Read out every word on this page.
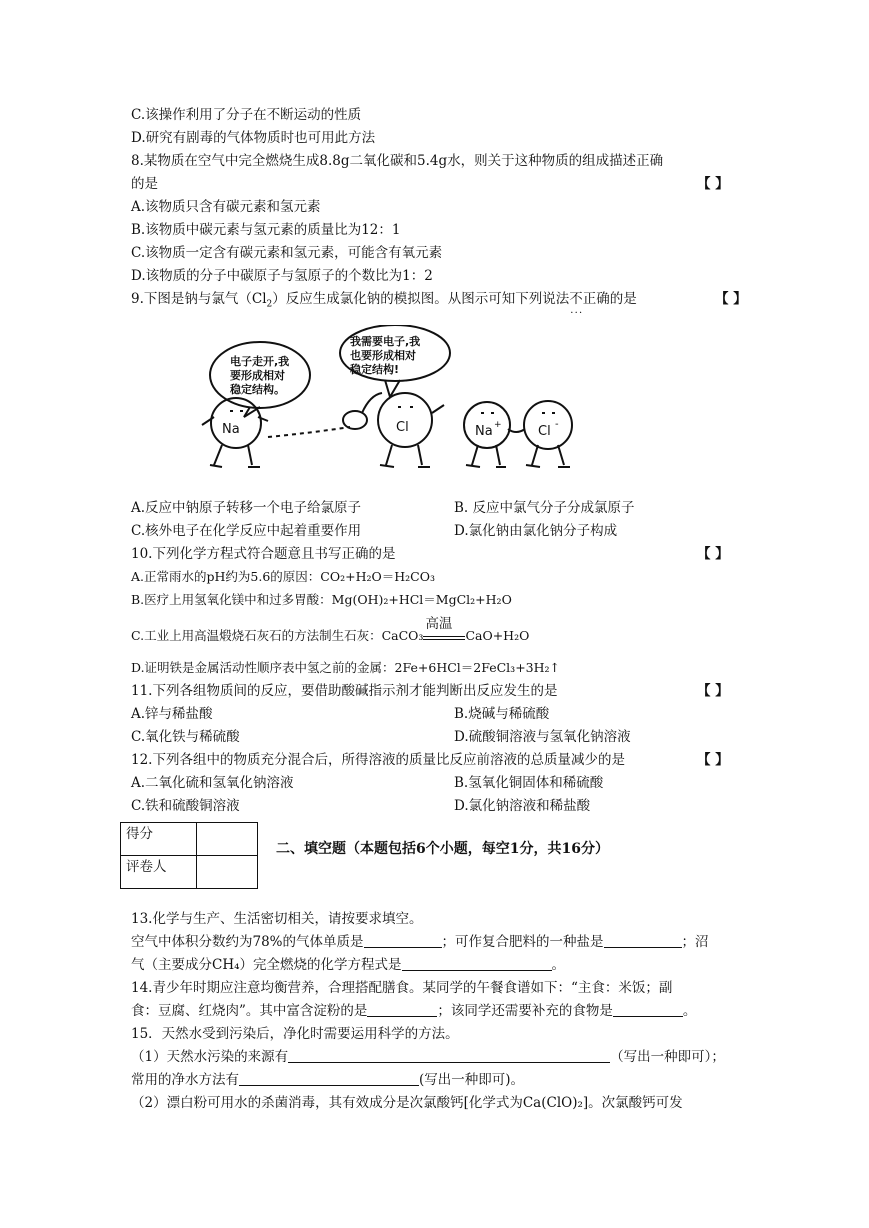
C.该操作利用了分子在不断运动的性质
D.研究有剧毒的气体物质时也可用此方法
8.某物质在空气中完全燃烧生成8.8g二氧化碳和5.4g水，则关于这种物质的组成描述正确
的是	【 】
A.该物质只含有碳元素和氢元素
B.该物质中碳元素与氢元素的质量比为12：1
C.该物质一定含有碳元素和氢元素，可能含有氧元素
D.该物质的分子中碳原子与氢原子的个数比为1：2
9.下图是钠与氯气$(Cl_2)$反应生成氯化钠的模拟图。从图示可知下列说法不正确 · · ·的是	【 】
电子走开,我
要形成相对
稳定结构。
我需要电子,我
也要形成相对
稳定结构!
Na	Cl	Na +	Cl -
A.反应中钠原子转移一个电子给氯原子	B. 反应中氯气分子分成氯原子
C.核外电子在化学反应中起着重要作用	D.氯化钠由氯化钠分子构成
10.下列化学方程式符合题意且书写正确的是	【 】
A.正常雨水的pH约为5.6的原因：CO₂+H₂O＝H₂CO₃
B.医疗上用氢氧化镁中和过多胃酸：Mg(OH)₂+HCl＝MgCl₂+H₂O
C.工业上用高温煅烧石灰石的方法制生石灰：CaCO₃
高温
CaO+H₂O
D.证明铁是金属活动性顺序表中氢之前的金属：2Fe+6HCl＝2FeCl₃+3H₂↑
11.下列各组物质间的反应，要借助酸碱指示剂才能判断出反应发生的是	【 】
A.锌与稀盐酸	B.烧碱与稀硫酸
C.氧化铁与稀硫酸	D.硫酸铜溶液与氢氧化钠溶液
12.下列各组中的物质充分混合后，所得溶液的质量比反应前溶液的总质量减少的是	【 】
A.二氧化硫和氢氧化钠溶液	B.氢氧化铜固体和稀硫酸
C.铁和硫酸铜溶液	D.氯化钠溶液和稀盐酸
得分	
评卷人	
二、填空题（本题包括6个小题，每空1分，共16分）
13.化学与生产、生活密切相关，请按要求填空。
空气中体积分数约为78%的气体单质是	；可作复合肥料的一种盐是	；沼
气（主要成分CH₄）完全燃烧的化学方程式是	。
14.青少年时期应注意均衡营养，合理搭配膳食。某同学的午餐食谱如下：“主食：米饭；副
食：豆腐、红烧肉”。其中富含淀粉的是	；该同学还需要补充的食物是	。
15．天然水受到污染后，净化时需要运用科学的方法。
（1）天然水污染的来源有	（写出一种即可）；
常用的净水方法有	(写出一种即可)。
（2）漂白粉可用水的杀菌消毒，其有效成分是次氯酸钙[化学式为Ca(ClO)₂]。次氯酸钙可发
